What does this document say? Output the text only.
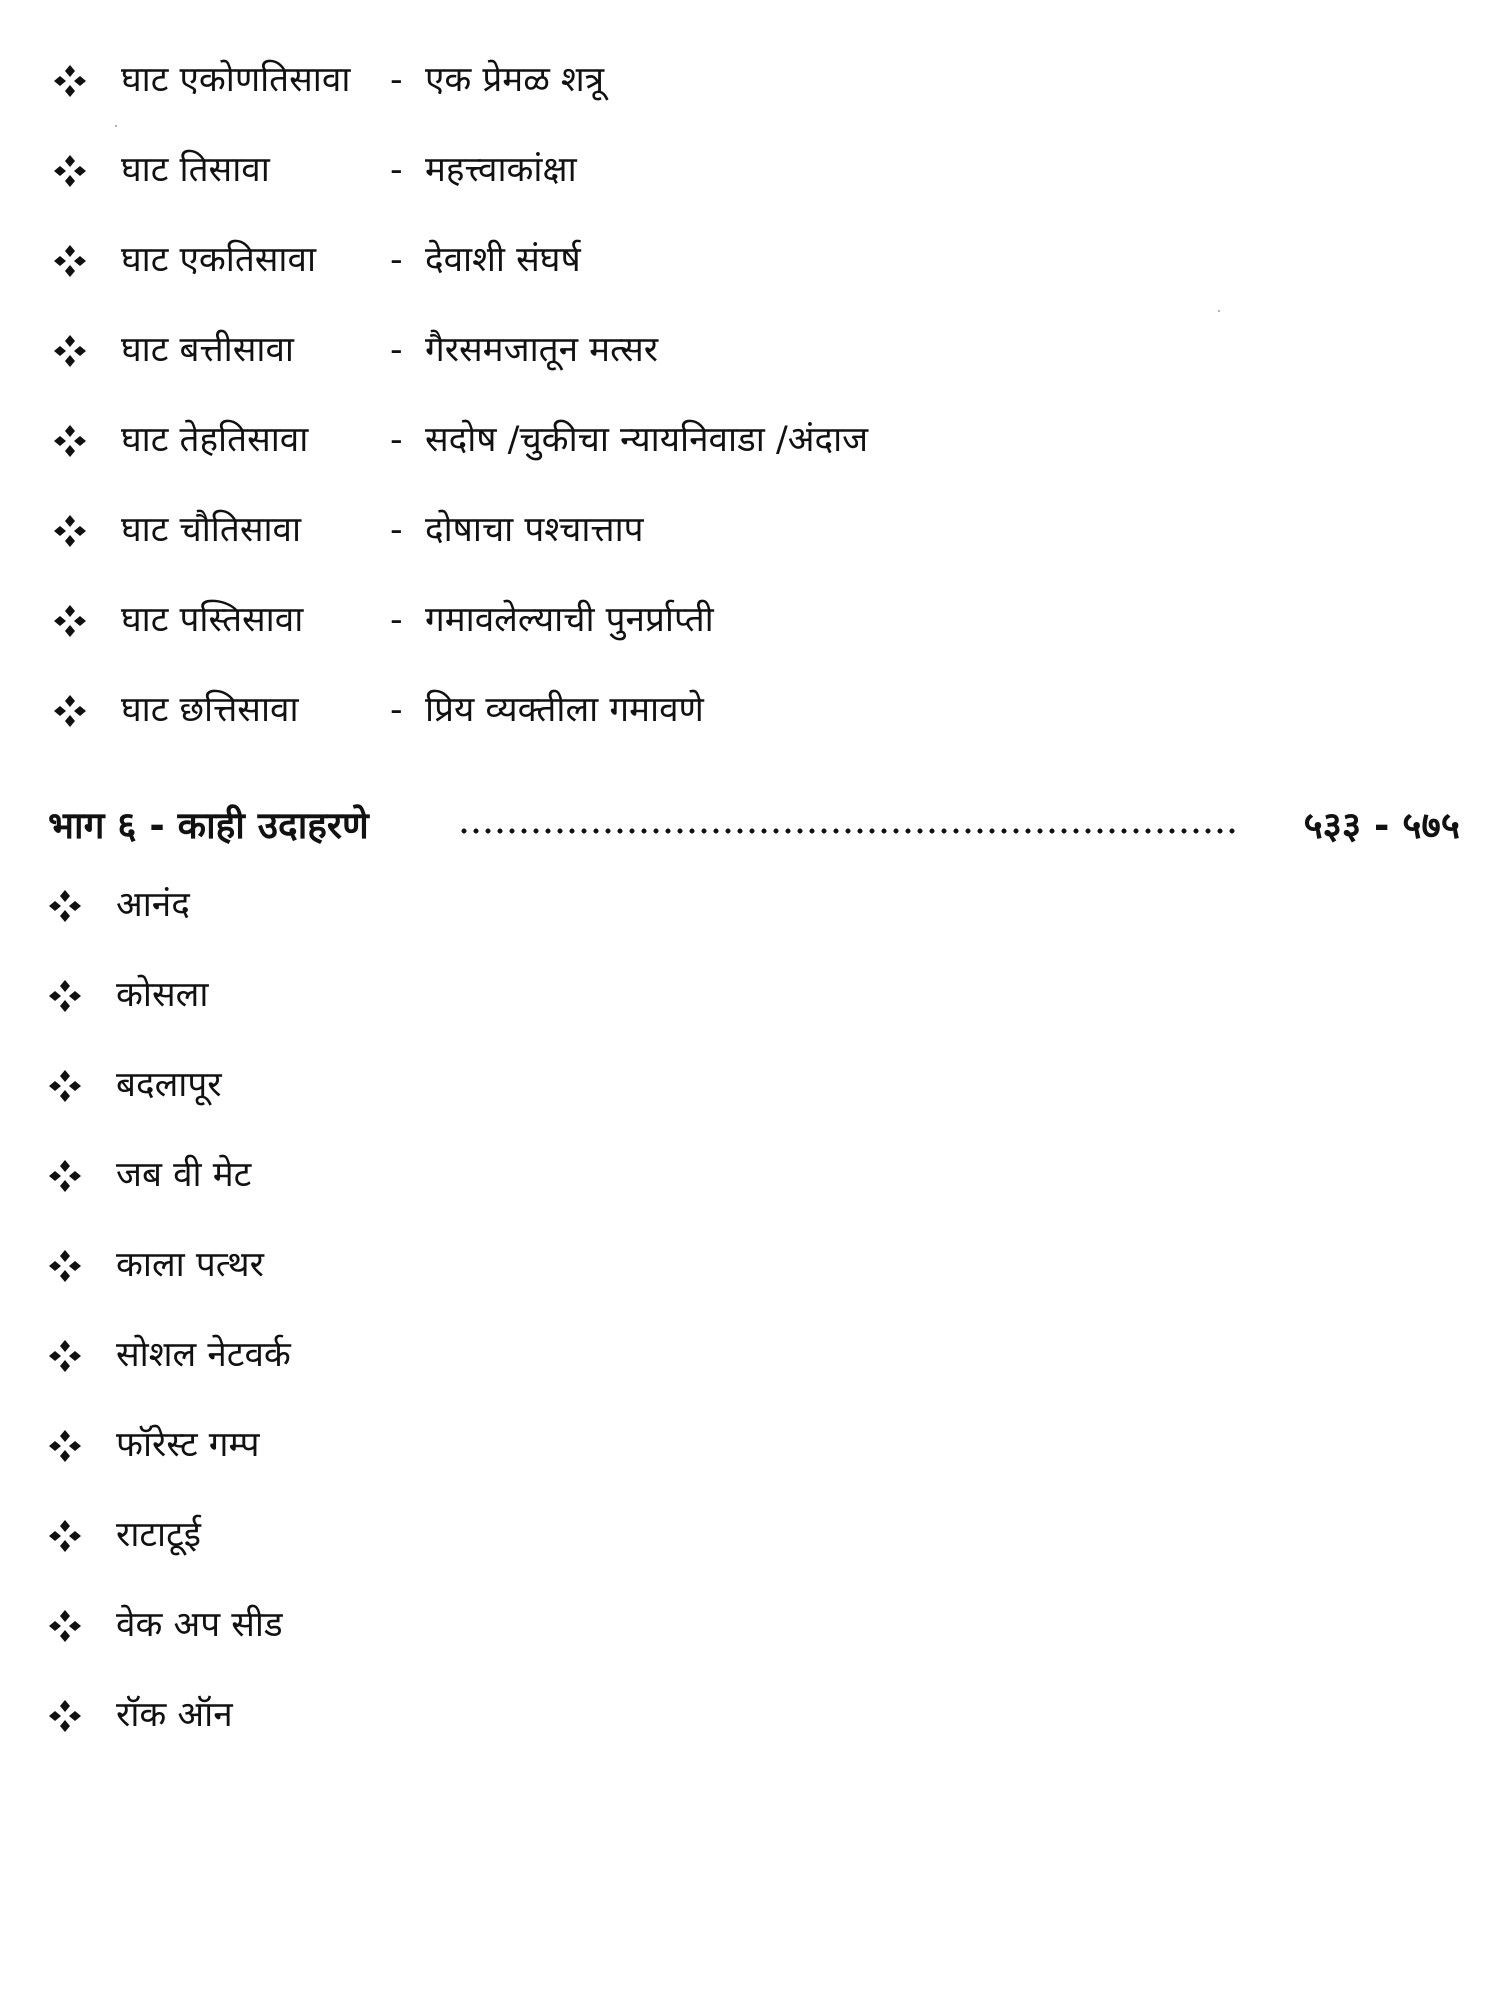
घाट एकोणतिसावा - एक प्रेमळ शत्रू
घाट तिसावा	- महत्त्वाकांक्षा
घाट एकतिसावा - देवाशी संघर्ष
घाट बत्तीसावा	- गैरसमजातून मत्सर
घाट तेहतिसावा - सदोष /चुकीचा न्यायनिवाडा /अंदाज
घाट चौतिसावा	- दोषाचा पश्चात्ताप
घाट पस्तिसावा - गमावलेल्याची पुनर्प्राप्ती
घाट छत्तिसावा	- प्रिय व्यक्तीला गमावणे
भाग ६ - काही उदाहरणे	५३३ - ५७५
आनंद
कोसला
बदलापूर
जब वी मेट
काला पत्थर
सोशल नेटवर्क
फॉरेस्ट गम्प
राटाटूई
वेक अप सीड
रॉक ऑन
